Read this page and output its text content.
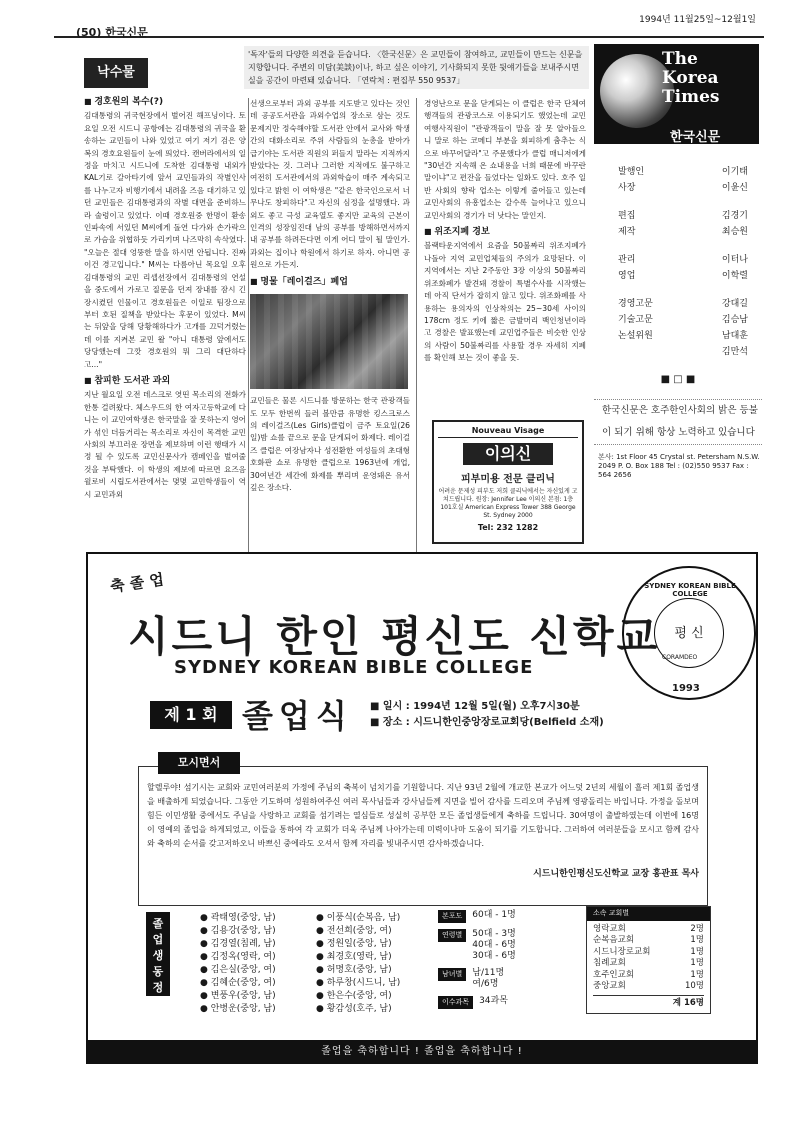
(50) 한국신문
1994년 11월25일~12월1일
'독자'들의 다양한 의견을 듣습니다. 〈한국신문〉은 교민들이 참여하고, 교민들이 만드는 신문을 지향합니다. 주변의 미담(美談)이나, 하고 싶은 이야기, 기사화되지 못한 뒷얘기들을 보내주시면 실을 공간이 마련돼 있습니다. 「연락처 : 편집부 550 9537」
낙수물
■ 경호원의 복수(?)

김대통령의 귀국현장에서 벌어진 해프닝이다. 토요일 오전 시드니 공항에는 김대통령의 귀국을 환송하는 교민들이 나와 있었고 여기 저기 검은 양복의 경호요원들이 눈에 띄었다. 캔버라에서의 일정을 마치고 시드니에 도착한 김대통령 내외가 KAL기로 갈아타기에 앞서 교민들과의 작별인사를 나누고자 비행기에서 내려올 즈음 대기하고 있던 교민들은 김대통령과의 작별 대면을 준비하느라 술렁이고 있었다. 이때 경호원중 한명이 환송 인파속에 서있던 M씨에게 돌연 다가와 손가락으로 가슴을 위협하듯 가리키며 나즈막히 속삭였다. "오늘은 절대 엉뚱한 말을 하시면 안됩니다. 진짜 이건 경고입니다." M씨는 다름아닌 목요일 오후 김대통령의 교민 리셉션장에서 김대통령의 연설을 중도에서 가로고 질문을 던져 장내를 잠시 긴장시켰던 인물이고 경호원들은 이일로 팀장으로부터 호된 질책을 받았다는 후문이 있었다. M씨는 뒤앞을 당해 당황해하다가 고개를 끄덕거렸는데 이를 지켜본 교민 왈 "아니 대통령 앞에서도 당당했는데 그깟 경호원의 뭐 그리 대단하다고..."

■ 참피한 도서관 과외

지난 월요일 오전 데스크로 엿띤 목소리의 전화가 한통 걸려왔다. 체스우드의 한 여자고등학교에 다니는 이 교민여학생은 한국말을 잘 못하는지 영어가 섞인 더듬거리는 목소리로 자신이 목격한 교민사회의 부끄러운 장면을 제보하며 이런 행태가 시정 될 수 있도록 교민신문사가 캠페인을 벌여줄 것을 부탁했다. 이 학생의 제보에 따르면 요즈음 윌로비 시립도서관에서는 몇몇 교민학생들이 역시 교민과외

선생으로부터 과외 공부를 지도받고 있다는 것인데 공공도서관을 과외수업의 장소로 삼는 것도 문제지만 정숙해야할 도서관 안에서 교사와 학생간의 대화소리로 주위 사람들의 눈총을 받아가 급기야는 도서관 직원의 퍼들지 말라는 지적까지 받았다는 것. 그러나 그러한 지적에도 불구하고 여전히 도서관에서의 과외학습이 매주 계속되고 있다고 밝힌 이 여학생은 "같은 한국인으로서 너무나도 창피하다"고 자신의 심정을 설명했다. 과외도 좋고 극성 교육열도 좋지만 교육의 근본이 인격의 성장임진대 남의 공부를 방해하면서까지 내 공부를 하려든다면 이게 어디 말이 될 말인가. 과외는 집이나 학원에서 하기로 하자. 아니면 공원으로 가든지.

■ 명물「레이걸즈」폐업

교민들은 물론 시드니를 방문하는 한국 관광객들도 모두 한번씩 들러 볼만큼 유명한 킹스크로스의 레이걸즈(Les Girls)클럽이 금주 토요일(26일)밤 쇼를 끝으로 문을 닫게되어 화제다. 레이걸즈 클럽은 여장남자나 성전환한 여성들의 초대형 호화판 쇼로 유명한 클럽으로 1963년에 개업, 30여년간 세간에 화제를 뿌리며 운영돼온 유서깊은 장소다.

경영난으로 문을 닫게되는 이 클럽은 한국 단체여행객들의 관광코스로 이용되기도 했었는데 교민여행사직원이 "관광객들이 말을 잘 못 알아들으니 말로 하는 코메디 부분을 회피하게 춤추는 식으로 바꾸어달라"고 주문했다가 클럽 매니저에게 "30년간 지속해 온 쇼내용을 너희 때문에 바꾸란 말이냐"고 편잔을 들었다는 일화도 있다. 호주 일반 사회의 향락 업소는 이렇게 줄어들고 있는데 교민사회의 유흥업소는 갈수록 늘어나고 있으니 교민사회의 경기가 더 낫다는 말인지.

■ 위조지폐 경보

블랙타운지역에서 요즘을 50불짜리 위조지폐가 나돌아 지역 교민업체들의 주의가 요망된다. 이 지역에서는 지난 2주동안 3장 이상의 50불짜리 위조화폐가 발견돼 경찰이 특별수사를 시작했는데 아직 단서가 잡히지 않고 있다. 위조화폐를 사용하는 용의자의 인상착의는 25~30세 사이의 178cm 정도 키에 짧은 금발머리 백인청년이라고 경찰은 발표했는데 교민업주들은 비슷한 인상의 사람이 50불짜리를 사용할 경우 자세히 지폐를 확인해 보는 것이 좋을 듯.

Nouveau Visage
이의신
피부미용 전문 클리닉
어려운 문제성 피부도 저희 클리닉에서는 자신있게 고쳐드립니다. 원장: Jennifer Lee 이의신 본점: 1층 101호실 American Express Tower 388 George St. Sydney 2000
Tel: 232 1282
The Korea Times
한국신문
발행인	이기태
사장	이윤신
편집	김경기
제작	최승원
관리	이터나
영업	이학렬
경영고문	강대길
기술고문	김승남
논설위원	남대훈
김만석
■ □ ■
한국신문은 호주한인사회의 밝은 등불이 되기 위해 항상 노력하고 있습니다
본사: 1st Floor 45 Crystal st. Petersham N.S.W. 2049 P. O. Box 188 Tel : (02)550 9537 Fax : 564 2656
축 졸 업
시드니 한인 평신도 신학교
SYDNEY KOREAN BIBLE COLLEGE
SYDNEY KOREAN BIBLE COLLEGE
평 신
CORAMDEO
1993
제 1 회 졸업식 ■ 일시 : 1994년 12월 5일(월) 오후7시30분
■ 장소 : 시드니한인중앙장로교회당(Belfield 소재)

할렐루야! 섬기시는 교회와 교민여러분의 가정에 주님의 축복이 넘치기를 기원합니다. 지난 93년 2월에 개교한 본교가 어느덧 2년의 세월이 흘러 제1회 졸업생을 배출하게 되었습니다. 그동안 기도하며 성원하여주신 여러 목사님들과 강사님들께 지면을 빌어 감사를 드리오며 주님께 영광돌리는 바입니다. 가정을 돌보며 힘든 이민생활 중에서도 주님을 사랑하고 교회를 섬기려는 열심들로 성실히 공부한 모든 졸업생들에게 축하를 드립니다. 30여명이 출발하였는데 이번에 16명이 영예의 졸업을 하게되었고, 이들을 통하여 각 교회가 더욱 주님께 나아가는데 미력이나마 도움이 되기를 기도합니다. 그러하여 여러분들을 모시고 함께 감사와 축하의 순서를 갖고저하오니 바쁘신 중에라도 오셔서 함께 자리를 빛내주시면 감사하겠습니다.

시드니한인평신도신학교 교장 홍관표 목사
모시면서
졸
업
생
동
정
● 곽태영(중앙, 남)
● 김용강(중앙, 남)
● 김경열(침례, 남)
● 김정옥(영락, 여)
● 김은실(중앙, 여)
● 김혜순(중앙, 여)
● 변풍우(중앙, 남)
● 안병운(중앙, 남)
● 이풍식(순복음, 남)
● 전선희(중앙, 여)
● 정원일(중앙, 남)
● 최경호(영락, 남)
● 허명호(중앙, 남)
● 하루창(시드니, 남)
● 한은수(중앙, 여)
● 황감성(호주, 남)
본포도	60대 - 1명
연령별	50대 - 3명
40대 - 6명
30대 - 6명
남녀별	남/11명
여/6명
이수과목	34과목
소속 교회별
영락교회	2명
순복음교회	1명
시드니장로교회	1명
침례교회	1명
호주인교회	1명
중앙교회	10명
계 16명
졸업을 축하합니다 ! 졸업을 축하합니다 !
